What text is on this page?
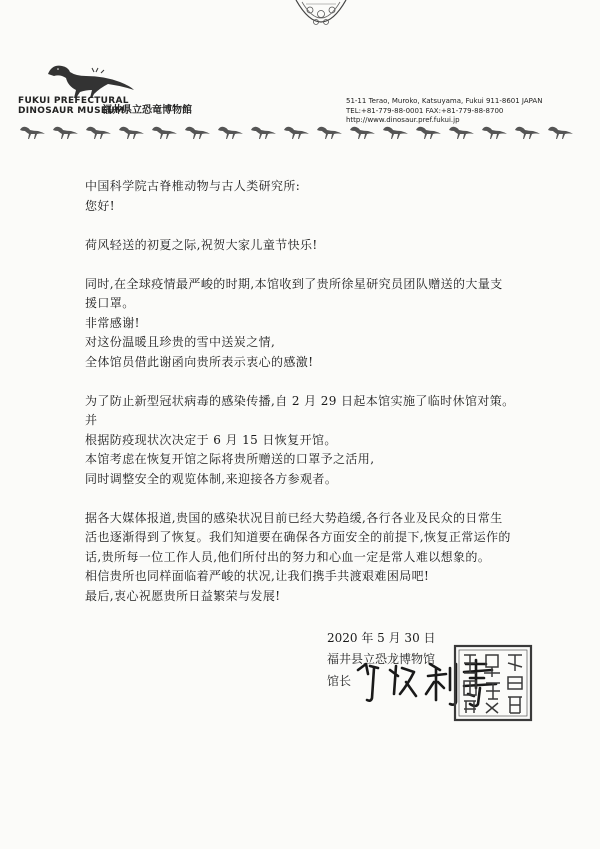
FUKUI PREFECTURAL
DINOSAUR MUSEUM
福井県立恐竜博物館
51-11 Terao, Muroko, Katsuyama, Fukui 911-8601 JAPAN
TEL:+81-779-88-0001 FAX:+81-779-88-8700
http://www.dinosaur.pref.fukui.jp

中国科学院古脊椎动物与古人类研究所:

您好!

荷风轻送的初夏之际,祝贺大家儿童节快乐!

同时,在全球疫情最严峻的时期,本馆收到了贵所徐星研究员团队赠送的大量支

援口罩。

非常感谢!

对这份温暖且珍贵的雪中送炭之情,

全体馆员借此谢函向贵所表示衷心的感激!

为了防止新型冠状病毒的感染传播,自 2 月 29 日起本馆实施了临时休馆对策。并

根据防疫现状次决定于 6 月 15 日恢复开馆。

本馆考虑在恢复开馆之际将贵所赠送的口罩予之活用,

同时调整安全的观览体制,来迎接各方参观者。

据各大媒体报道,贵国的感染状况目前已经大势趋缓,各行各业及民众的日常生

活也逐渐得到了恢复。我们知道要在确保各方面安全的前提下,恢复正常运作的

话,贵所每一位工作人员,他们所付出的努力和心血一定是常人难以想象的。

相信贵所也同样面临着严峻的状况,让我们携手共渡艰难困局吧!

最后,衷心祝愿贵所日益繁荣与发展!

2020 年 5 月 30 日
福井县立恐龙博物馆
馆长
